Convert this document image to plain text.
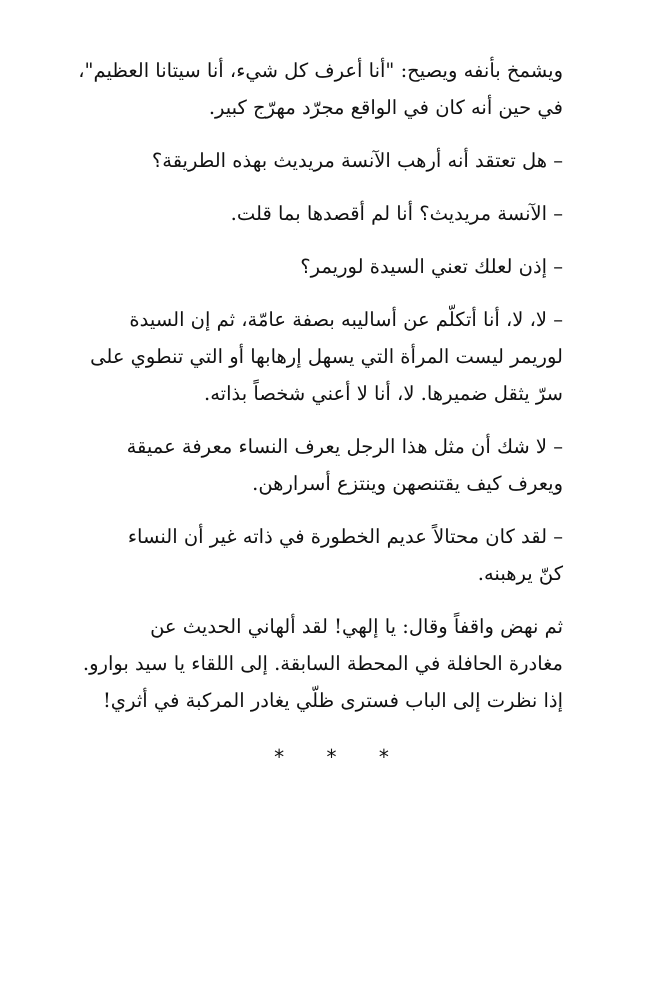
ويشمخ بأنفه ويصيح: "أنا أعرف كل شيء، أنا سيتانا العظيم"،
في حين أنه كان في الواقع مجرّد مهرّج كبير.

– هل تعتقد أنه أرهب الآنسة مريديث بهذه الطريقة؟

– الآنسة مريديث؟ أنا لم أقصدها بما قلت.

– إذن لعلك تعني السيدة لوريمر؟

– لا، لا، أنا أتكلّم عن أساليبه بصفة عامّة، ثم إن السيدة
لوريمر ليست المرأة التي يسهل إرهابها أو التي تنطوي على
سرّ يثقل ضميرها. لا، أنا لا أعني شخصاً بذاته.

– لا شك أن مثل هذا الرجل يعرف النساء معرفة عميقة
ويعرف كيف يقتنصهن وينتزع أسرارهن.

– لقد كان محتالاً عديم الخطورة في ذاته غير أن النساء
كنّ يرهبنه.

ثم نهض واقفاً وقال: يا إلهي! لقد ألهاني الحديث عن
مغادرة الحافلة في المحطة السابقة. إلى اللقاء يا سيد بوارو.
إذا نظرت إلى الباب فسترى ظلّي يغادر المركبة في أثري!

* * *
